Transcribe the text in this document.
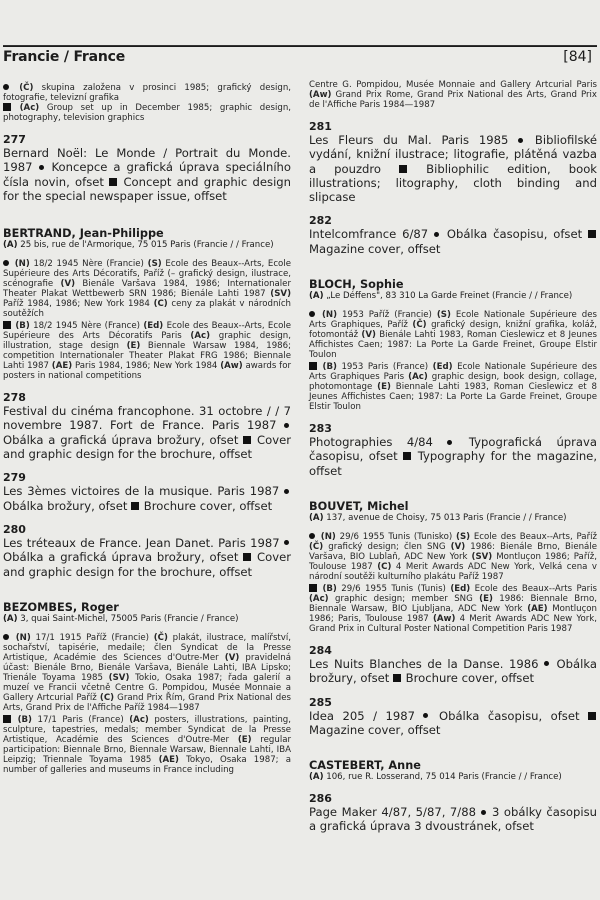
Francie / France	[84]
(Č) skupina založena v prosinci 1985; grafický design, fotografie, televizní grafika
(Ac) Group set up in December 1985; graphic design, photography, television graphics
277
Bernard Noël: Le Monde / Portrait du Monde. 1987  Koncepce a grafická úprava speciálního čísla novin, ofset  Concept and graphic design for the special newspaper issue, offset
BERTRAND, Jean-Philippe
(A) 25 bis, rue de l'Armorique, 75 015 Paris (Francie / / France)
(N) 18/2 1945 Nère (Francie) (S) Ecole des Beaux--Arts, Ecole Supérieure des Arts Décoratifs, Paříž (– grafický design, ilustrace, scénografie (V) Bienále Varšava 1984, 1986; Internationaler Theater Plakat Wettbewerb SRN 1986; Bienále Lahti 1987 (SV) Paříž 1984, 1986; New York 1984 (C) ceny za plakát v národních soutěžích
(B) 18/2 1945 Nère (France) (Ed) Ecole des Beaux--Arts, Ecole Supérieure des Arts Décoratifs Paris (Ac) graphic design, illustration, stage design (E) Biennale Warsaw 1984, 1986; competition Internationaler Theater Plakat FRG 1986; Biennale Lahti 1987 (AE) Paris 1984, 1986; New York 1984 (Aw) awards for posters in national competitions
278
Festival du cinéma francophone. 31 octobre / / 7 novembre 1987. Fort de France. Paris 1987  Obálka a grafická úprava brožury, ofset  Cover and graphic design for the brochure, offset
279
Les 3èmes victoires de la musique. Paris 1987  Obálka brožury, ofset  Brochure cover, offset
280
Les tréteaux de France. Jean Danet. Paris 1987  Obálka a grafická úprava brožury, ofset  Cover and graphic design for the brochure, offset
BEZOMBES, Roger
(A) 3, quai Saint-Michel, 75005 Paris (Francie / France)
(N) 17/1 1915 Paříž (Francie) (Č) plakát, ilustrace, malířství, sochařství, tapisérie, medaile; člen Syndicat de la Presse Artistique, Académie des Sciences d'Outre-Mer (V) pravidelná účast: Bienále Brno, Bienále Varšava, Bienále Lahti, IBA Lipsko; Trienále Toyama 1985 (SV) Tokio, Osaka 1987; řada galerií a muzeí ve Francii včetně Centre G. Pompidou, Musée Monnaie a Gallery Artcurial Paříž (C) Grand Prix Řím, Grand Prix National des Arts, Grand Prix de l'Affiche Paříž 1984—1987
(B) 17/1 Paris (France) (Ac) posters, illustrations, painting, sculpture, tapestries, medals; member Syndicat de la Presse Artistique, Académie des Sciences d'Outre-Mer (E) regular participation: Biennale Brno, Biennale Warsaw, Biennale Lahti, IBA Leipzig; Triennale Toyama 1985 (AE) Tokyo, Osaka 1987; a number of galleries and museums in France including
Centre G. Pompidou, Musée Monnaie and Gallery Artcurial Paris (Aw) Grand Prix Rome, Grand Prix National des Arts, Grand Prix de l'Affiche Paris 1984—1987
281
Les Fleurs du Mal. Paris 1985  Bibliofilské vydání, knižní ilustrace; litografie, plátěná vazba a pouzdro  Bibliophilic edition, book illustrations; litography, cloth binding and slipcase
282
Intelcomfrance 6/87  Obálka časopisu, ofset  Magazine cover, offset
BLOCH, Sophie
(A) „Le Déffens", 83 310 La Garde Freinet (Francie / / France)
(N) 1953 Paříž (Francie) (S) Ecole Nationale Supérieure des Arts Graphiques, Paříž (Č) grafický design, knižní grafika, koláž, fotomontáž (V) Bienále Lahti 1983, Roman Cieslewicz et 8 Jeunes Affichistes Caen; 1987: La Porte La Garde Freinet, Groupe Elstir Toulon
(B) 1953 Paris (France) (Ed) Ecole Nationale Supérieure des Arts Graphiques Paris (Ac) graphic design, book design, collage, photomontage (E) Biennale Lahti 1983, Roman Cieslewicz et 8 Jeunes Affichistes Caen; 1987: La Porte La Garde Freinet, Groupe Elstir Toulon
283
Photographies 4/84  Typografická úprava časopisu, ofset  Typography for the magazine, offset
BOUVET, Michel
(A) 137, avenue de Choisy, 75 013 Paris (Francie / / France)
(N) 29/6 1955 Tunis (Tunisko) (S) Ecole des Beaux--Arts, Paříž (Č) grafický design; člen SNG (V) 1986: Bienále Brno, Bienále Varšava, BIO Lublaň, ADC New York (SV) Montluçon 1986; Paříž, Toulouse 1987 (C) 4 Merit Awards ADC New York, Velká cena v národní soutěži kulturního plakátu Paříž 1987
(B) 29/6 1955 Tunis (Tunis) (Ed) Ecole des Beaux--Arts Paris (Ac) graphic design; member SNG (E) 1986: Biennale Brno, Biennale Warsaw, BIO Ljubljana, ADC New York (AE) Montluçon 1986; Paris, Toulouse 1987 (Aw) 4 Merit Awards ADC New York, Grand Prix in Cultural Poster National Competition Paris 1987
284
Les Nuits Blanches de la Danse. 1986  Obálka brožury, ofset  Brochure cover, offset
285
Idea 205 / 1987  Obálka časopisu, ofset  Magazine cover, offset
CASTEBERT, Anne
(A) 106, rue R. Losserand, 75 014 Paris (Francie / / France)
286
Page Maker 4/87, 5/87, 7/88  3 obálky časopisu a grafická úprava 3 dvoustránek, ofset
